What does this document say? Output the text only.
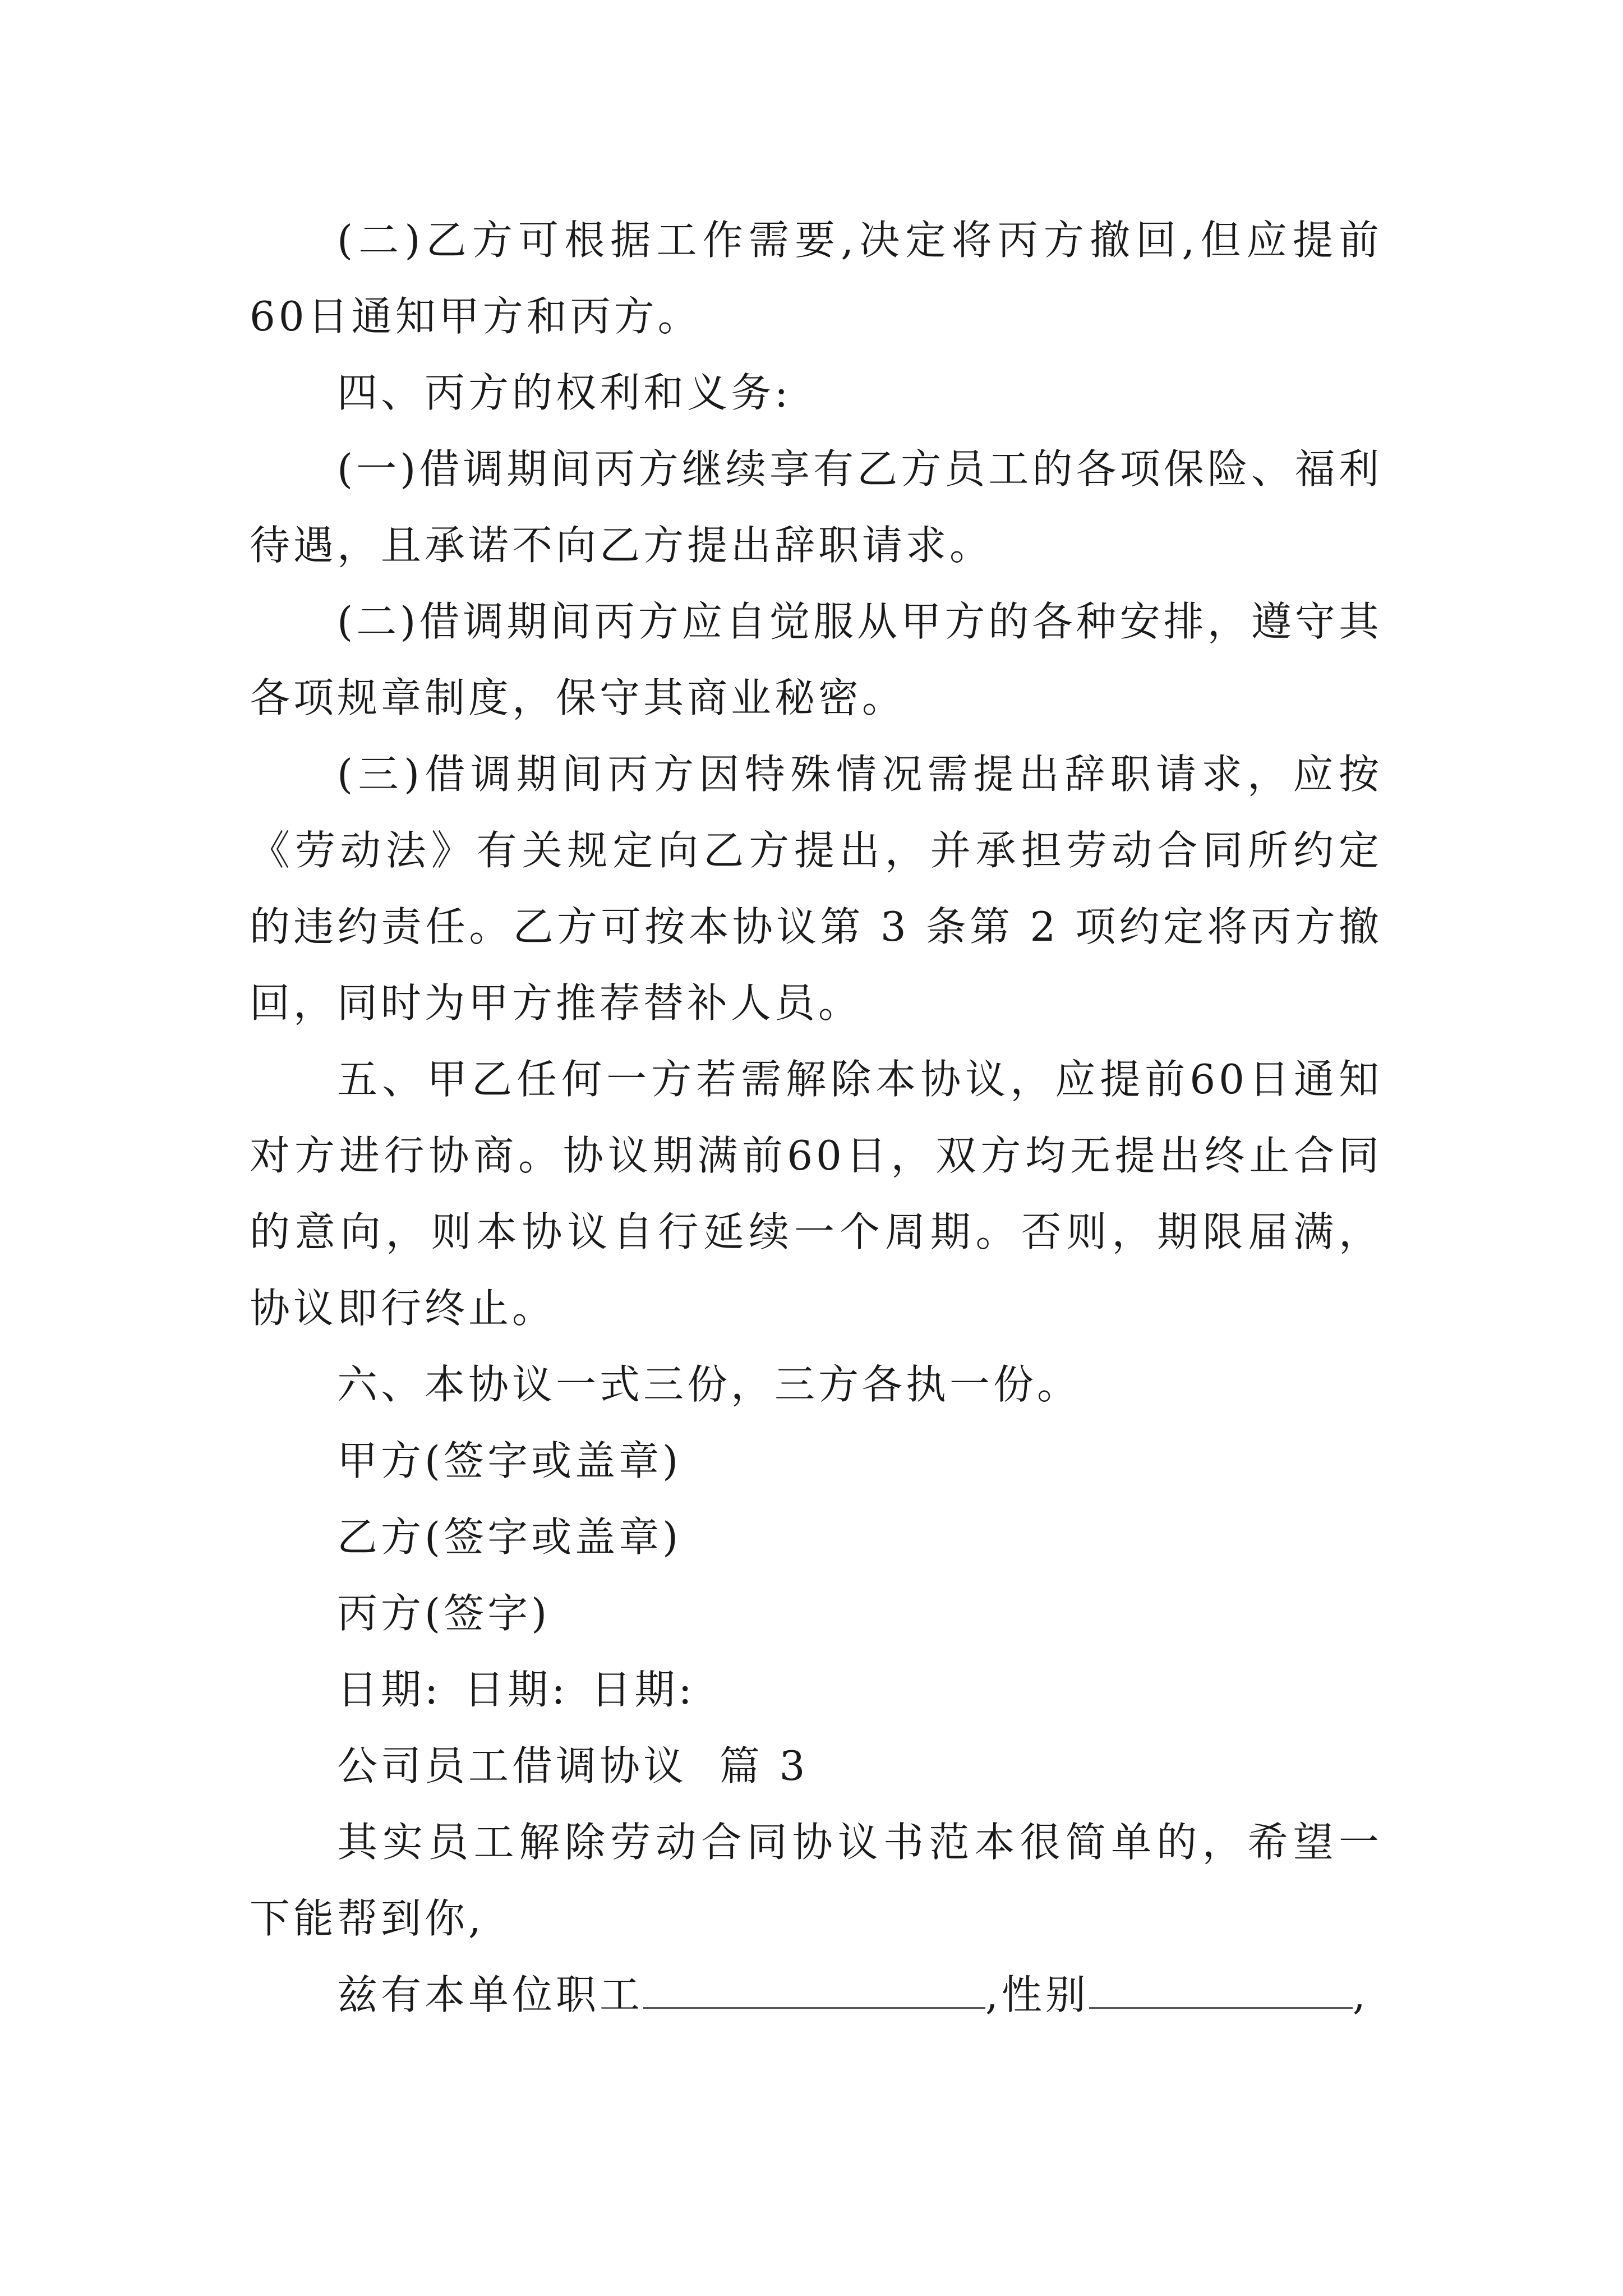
(二)乙方可根据工作需要,决定将丙方撤回,但应提前60日通知甲方和丙方。

四、丙方的权利和义务:

(一)借调期间丙方继续享有乙方员工的各项保险、福利待遇，且承诺不向乙方提出辞职请求。

(二)借调期间丙方应自觉服从甲方的各种安排，遵守其各项规章制度，保守其商业秘密。

(三)借调期间丙方因特殊情况需提出辞职请求，应按《劳动法》有关规定向乙方提出，并承担劳动合同所约定的违约责任。乙方可按本协议第 3 条第 2 项约定将丙方撤回，同时为甲方推荐替补人员。

五、甲乙任何一方若需解除本协议，应提前60日通知对方进行协商。协议期满前60日，双方均无提出终止合同的意向，则本协议自行延续一个周期。否则，期限届满，协议即行终止。

六、本协议一式三份，三方各执一份。

甲方(签字或盖章)

乙方(签字或盖章)

丙方(签字)

日期: 日期: 日期:

公司员工借调协议  篇 3

其实员工解除劳动合同协议书范本很简单的，希望一下能帮到你,

兹有本单位职工	,性别	,
